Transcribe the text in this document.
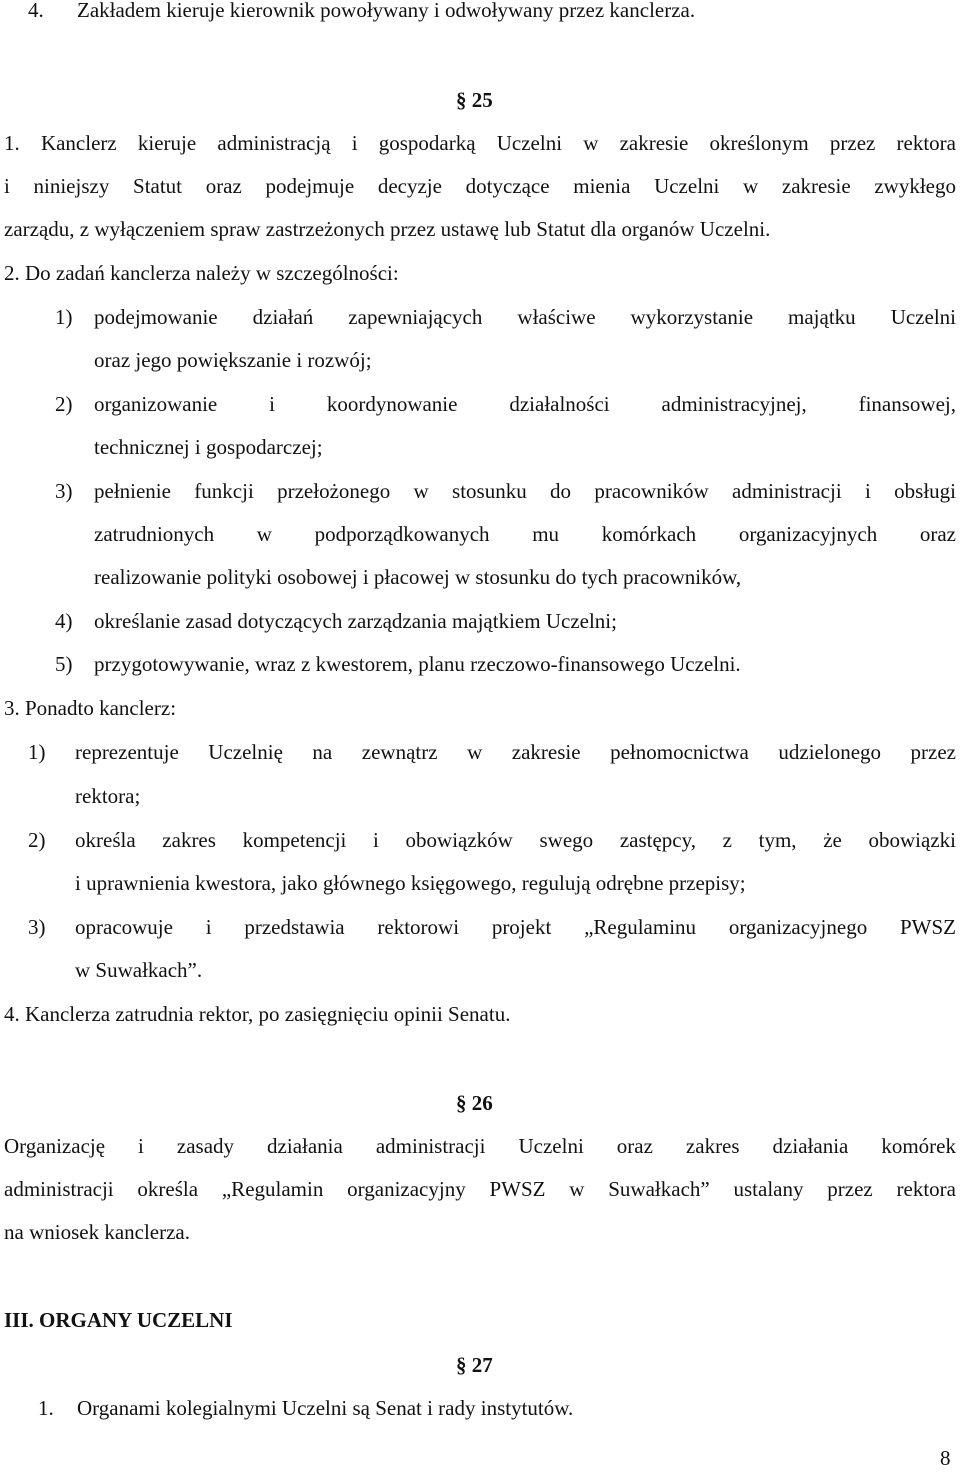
4. Zakładem kieruje kierownik powoływany i odwoływany przez kanclerza.
§ 25
1. Kanclerz kieruje administracją i gospodarką Uczelni w zakresie określonym przez rektora
i niniejszy Statut oraz podejmuje decyzje dotyczące mienia Uczelni w zakresie zwykłego
zarządu, z wyłączeniem spraw zastrzeżonych przez ustawę lub Statut dla organów Uczelni.
2. Do zadań kanclerza należy w szczególności:
1) podejmowanie działań zapewniających właściwe wykorzystanie majątku Uczelni
oraz jego powiększanie i rozwój;
2) organizowanie i koordynowanie działalności administracyjnej, finansowej,
technicznej i gospodarczej;
3) pełnienie funkcji przełożonego w stosunku do pracowników administracji i obsługi
zatrudnionych w podporządkowanych mu komórkach organizacyjnych oraz
realizowanie polityki osobowej i płacowej w stosunku do tych pracowników,
4) określanie zasad dotyczących zarządzania majątkiem Uczelni;
5) przygotowywanie, wraz z kwestorem, planu rzeczowo-finansowego Uczelni.
3. Ponadto kanclerz:
1) reprezentuje Uczelnię na zewnątrz w zakresie pełnomocnictwa udzielonego przez
rektora;
2) określa zakres kompetencji i obowiązków swego zastępcy, z tym, że obowiązki
i uprawnienia kwestora, jako głównego księgowego, regulują odrębne przepisy;
3) opracowuje i przedstawia rektorowi projekt „Regulaminu organizacyjnego PWSZ
w Suwałkach”.
4. Kanclerza zatrudnia rektor, po zasięgnięciu opinii Senatu.
§ 26
Organizację i zasady działania administracji Uczelni oraz zakres działania komórek
administracji określa „Regulamin organizacyjny PWSZ w Suwałkach” ustalany przez rektora
na wniosek kanclerza.
III. ORGANY UCZELNI
§ 27
1. Organami kolegialnymi Uczelni są Senat i rady instytutów.
8
